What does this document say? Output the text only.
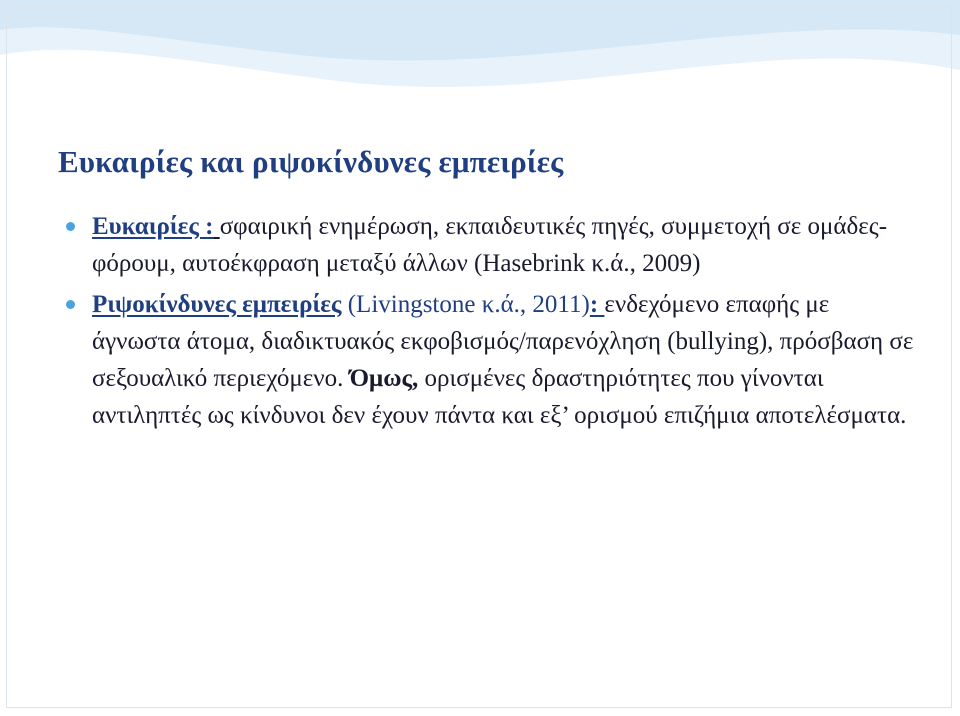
Ευκαιρίες και ριψοκίνδυνες εμπειρίες
Ευκαιρίες : σφαιρική ενημέρωση, εκπαιδευτικές πηγές, συμμετοχή σε ομάδες- φόρουμ, αυτοέκφραση μεταξύ άλλων (Hasebrink κ.ά., 2009)
Ριψοκίνδυνες εμπειρίες (Livingstone κ.ά., 2011): ενδεχόμενο επαφής με άγνωστα άτομα, διαδικτυακός εκφοβισμός/παρενόχληση (bullying), πρόσβαση σε σεξουαλικό περιεχόμενο. Όμως, ορισμένες δραστηριότητες που γίνονται αντιληπτές ως κίνδυνοι δεν έχουν πάντα και εξ’ ορισμού επιζήμια αποτελέσματα.
